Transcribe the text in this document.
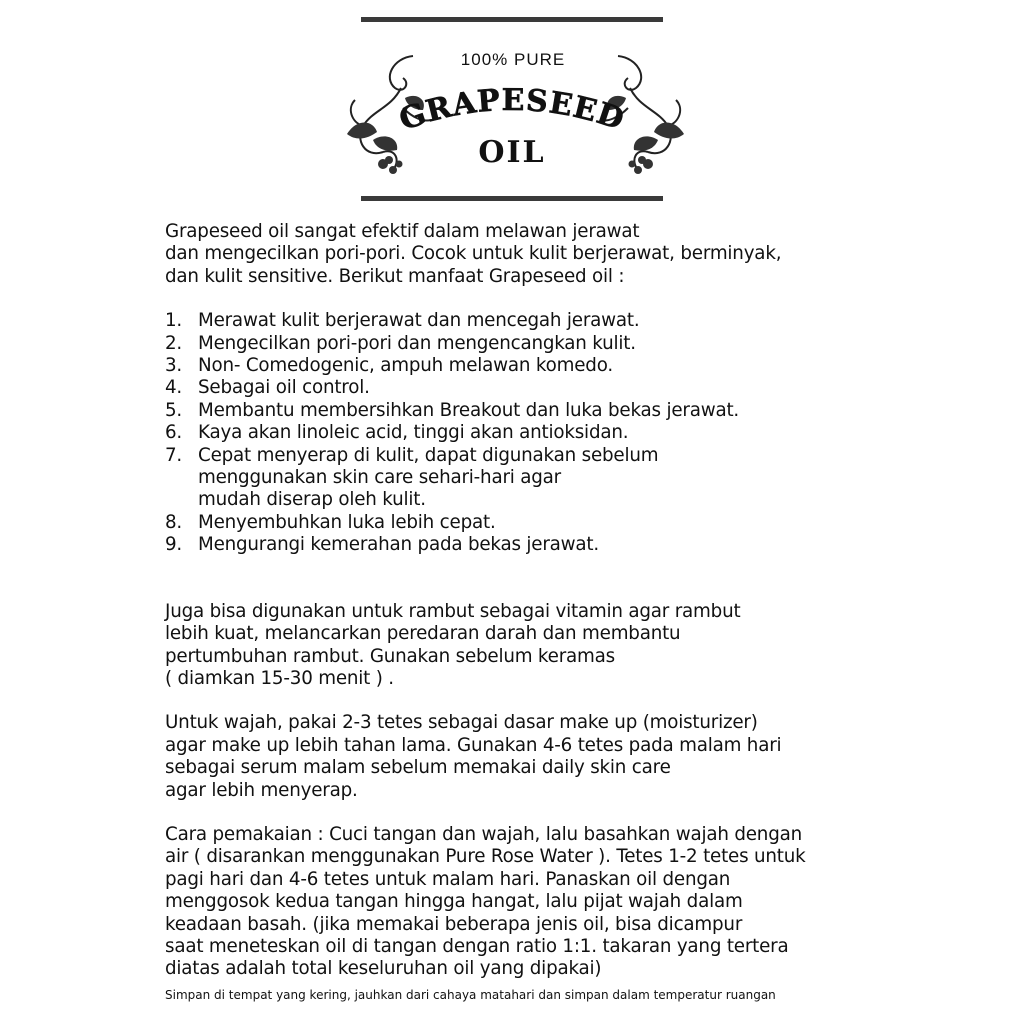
100% PURE
GRAPESEED
OIL

Grapeseed oil sangat efektif dalam melawan jerawat
dan mengecilkan pori-pori. Cocok untuk kulit berjerawat, berminyak,
dan kulit sensitive. Berikut manfaat Grapeseed oil :

1. Merawat kulit berjerawat dan mencegah jerawat.
2. Mengecilkan pori-pori dan mengencangkan kulit.
3. Non- Comedogenic, ampuh melawan komedo.
4. Sebagai oil control.
5. Membantu membersihkan Breakout dan luka bekas jerawat.
6. Kaya akan linoleic acid, tinggi akan antioksidan.
7. Cepat menyerap di kulit, dapat digunakan sebelum
menggunakan skin care sehari-hari agar
mudah diserap oleh kulit.
8. Menyembuhkan luka lebih cepat.
9. Mengurangi kemerahan pada bekas jerawat.

Juga bisa digunakan untuk rambut sebagai vitamin agar rambut
lebih kuat, melancarkan peredaran darah dan membantu
pertumbuhan rambut. Gunakan sebelum keramas
( diamkan 15-30 menit ) .

Untuk wajah, pakai 2-3 tetes sebagai dasar make up (moisturizer)
agar make up lebih tahan lama. Gunakan 4-6 tetes pada malam hari
sebagai serum malam sebelum memakai daily skin care
agar lebih menyerap.

Cara pemakaian : Cuci tangan dan wajah, lalu basahkan wajah dengan
air ( disarankan menggunakan Pure Rose Water ). Tetes 1-2 tetes untuk
pagi hari dan 4-6 tetes untuk malam hari. Panaskan oil dengan
menggosok kedua tangan hingga hangat, lalu pijat wajah dalam
keadaan basah. (jika memakai beberapa jenis oil, bisa dicampur
saat meneteskan oil di tangan dengan ratio 1:1. takaran yang tertera
diatas adalah total keseluruhan oil yang dipakai)

Simpan di tempat yang kering, jauhkan dari cahaya matahari dan simpan dalam temperatur ruangan
